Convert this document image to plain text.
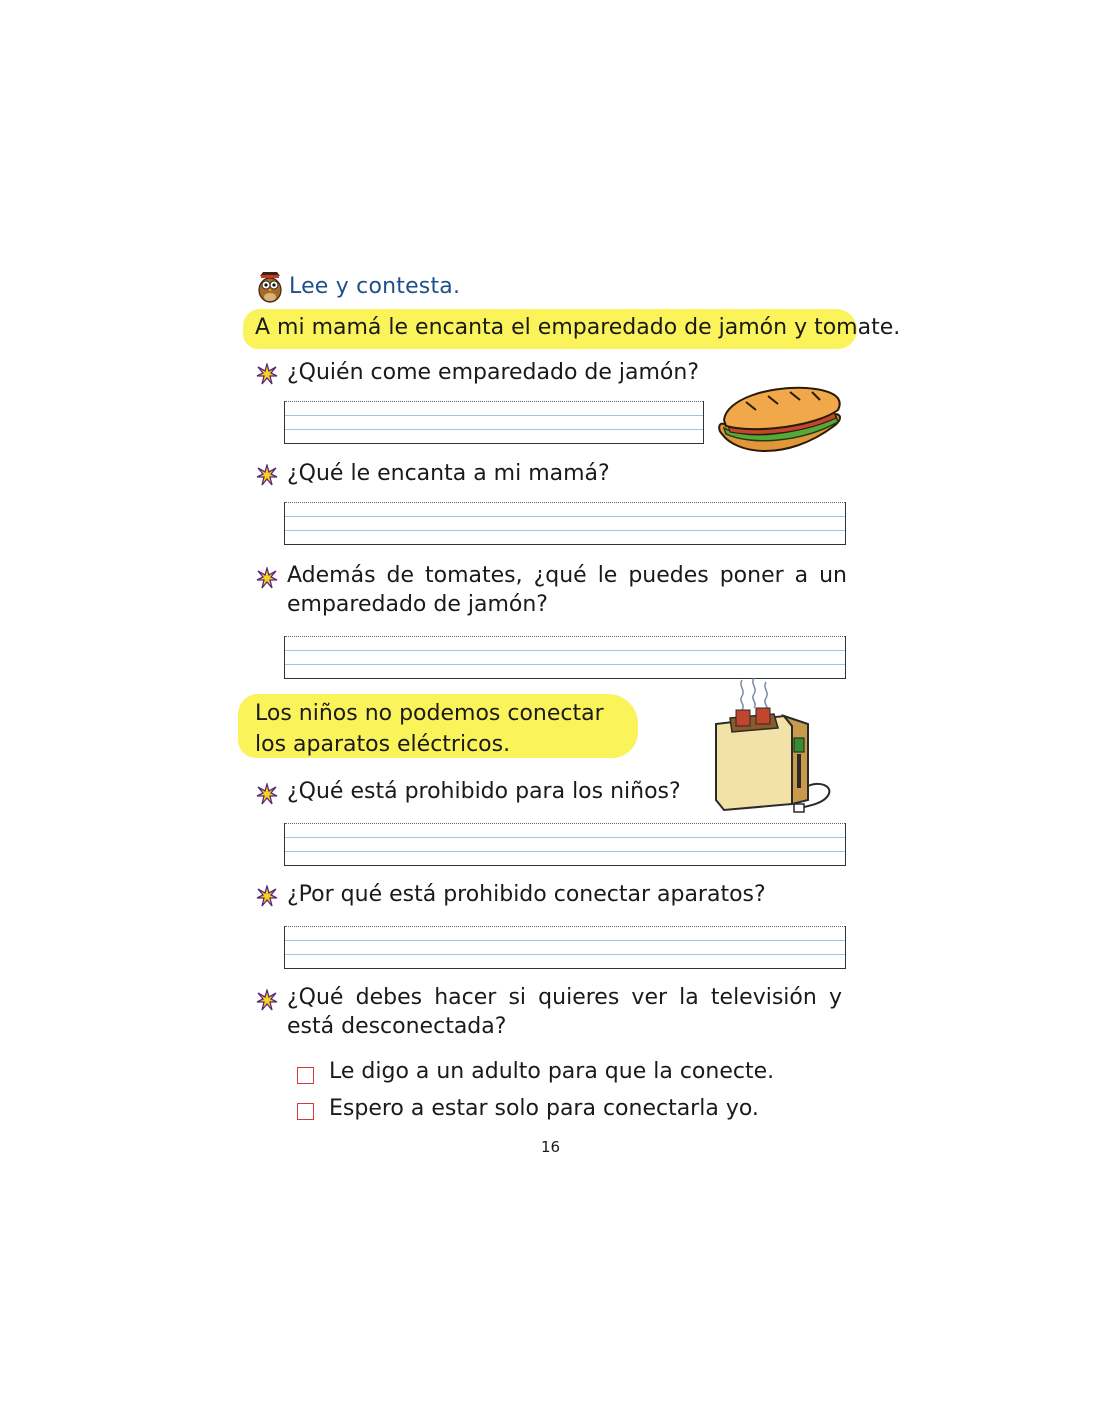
Lee y contesta.
A mi mamá le encanta el emparedado de jamón y tomate.
¿Quién come emparedado de jamón?
¿Qué le encanta a mi mamá?
Además de tomates, ¿qué le puedes poner a un emparedado de jamón?
Los niños no podemos conectar los aparatos eléctricos.
¿Qué está prohibido para los niños?
¿Por qué está prohibido conectar aparatos?
¿Qué debes hacer si quieres ver la televisión y está desconectada?
Le digo a un adulto para que la conecte.
Espero a estar solo para conectarla yo.
16
